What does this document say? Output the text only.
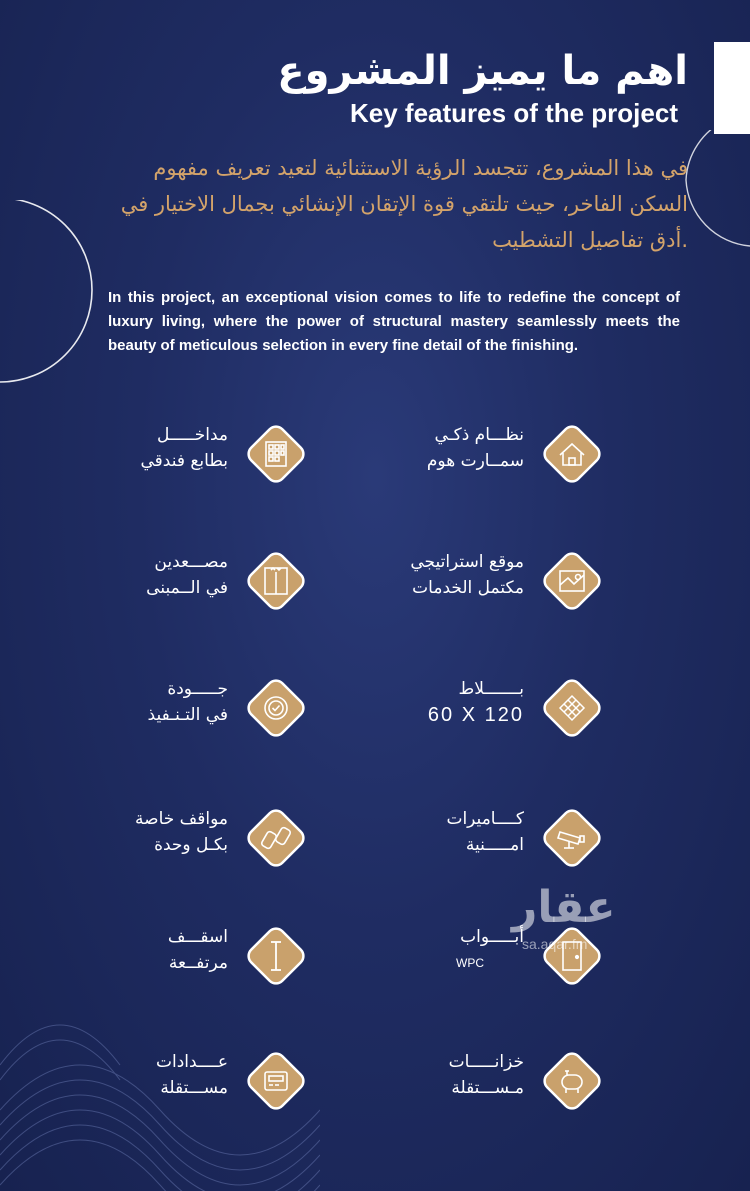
اهم ما يميز المشروع
Key features of the project
في هذا المشروع، تتجسد الرؤية الاستثنائية لتعيد تعريف مفهوم
السكن الفاخر، حيث تلتقي قوة الإتقان الإنشائي بجمال الاختيار في
.أدق تفاصيل التشطيب
In this project, an exceptional vision comes to life to redefine the concept of luxury living, where the power of structural mastery seamlessly meets the beauty of meticulous selection in every fine detail of the finishing.
نظـــام ذكـي
سمــارت هوم
مداخـــــل
بطابع فندقي
موقع استراتيجي
مكتمل الخدمات
مصـــعدين
في الــمبنى
بـــــــلاط
60 X 120
جـــــودة
في التـنـفيذ
كــــاميرات
امـــــنية
مواقف خاصة
بكـل وحدة
أبـــــواب
WPC
اسقـــف
مرتفــعة
خزانـــــات
مـســـتقلة
عــــدادات
مســـتقلة
عقار
sa.aqar.fm
